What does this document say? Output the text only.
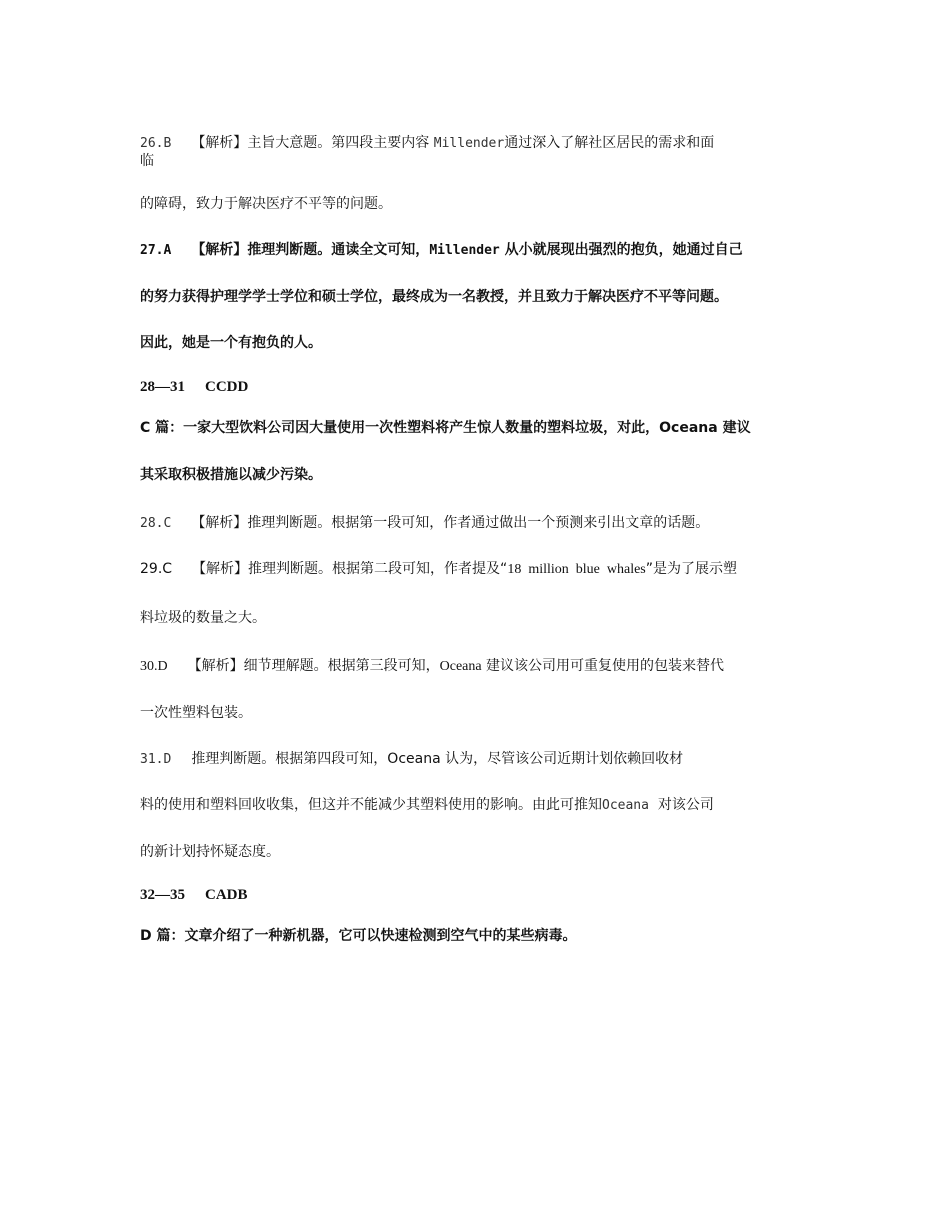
26.B 【解析】主旨大意题。第四段主要内容 Millender通过深入了解社区居民的需求和面
临
的障碍，致力于解决医疗不平等的问题。
27.A 【解析】推理判断题。通读全文可知，Millender 从小就展现出强烈的抱负，她通过自己
的努力获得护理学学士学位和硕士学位，最终成为一名教授，并且致力于解决医疗不平等问题。
因此，她是一个有抱负的人。
28—31 CCDD
C 篇：一家大型饮料公司因大量使用一次性塑料将产生惊人数量的塑料垃圾，对此，Oceana 建议
其采取积极措施以减少污染。
28.C 【解析】推理判断题。根据第一段可知，作者通过做出一个预测来引出文章的话题。
29.C 【解析】推理判断题。根据第二段可知，作者提及“18  million  blue  whales”是为了展示塑
料垃圾的数量之大。
30.D 【解析】细节理解题。根据第三段可知，Oceana 建议该公司用可重复使用的包装来替代
一次性塑料包装。
31.D 推理判断题。根据第四段可知，Oceana 认为，尽管该公司近期计划依赖回收材
料的使用和塑料回收收集，但这并不能减少其塑料使用的影响。由此可推知Oceana  对该公司
的新计划持怀疑态度。
32—35 CADB
D 篇：文章介绍了一种新机器，它可以快速检测到空气中的某些病毒。
